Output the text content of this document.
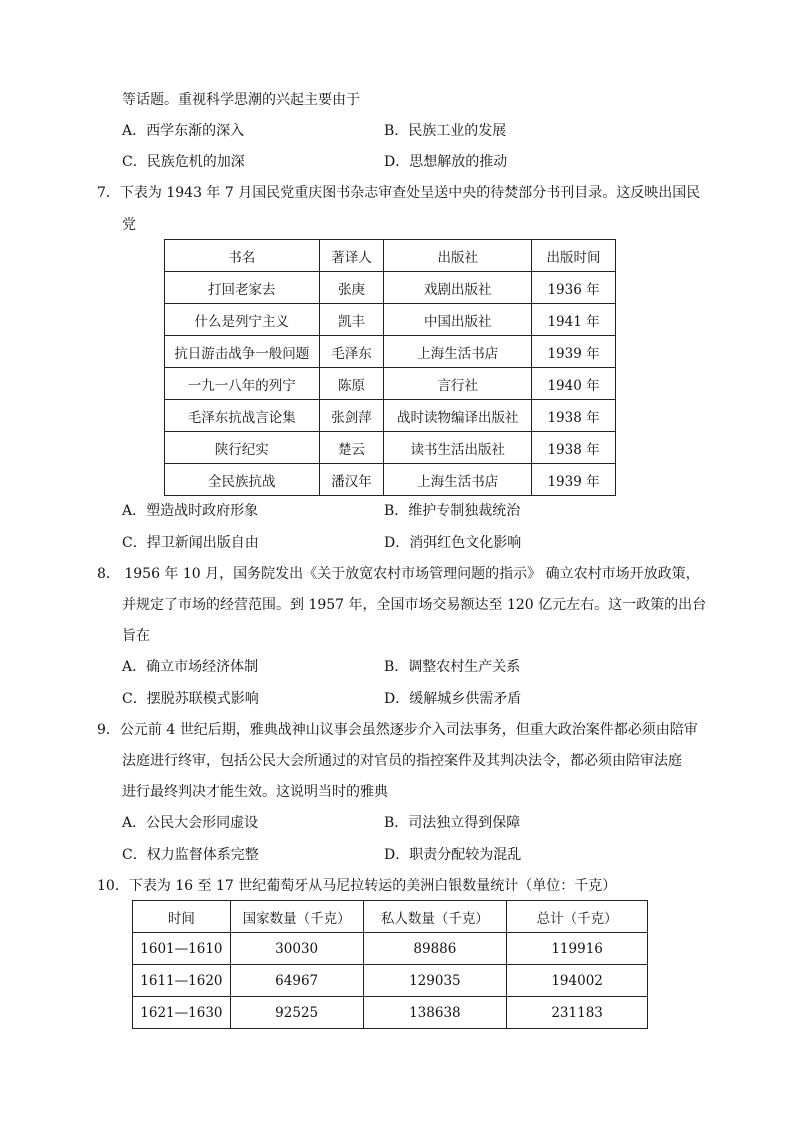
等话题。重视科学思潮的兴起主要由于
A．西学东渐的深入	B．民族工业的发展
C．民族危机的加深	D．思想解放的推动
7．下表为 1943 年 7 月国民党重庆图书杂志审查处呈送中央的待焚部分书刊目录。这反映出国民
党
书名	著译人	出版社	出版时间
打回老家去	张庚	戏剧出版社	1936 年
什么是列宁主义	凯丰	中国出版社	1941 年
抗日游击战争一般问题	毛泽东	上海生活书店	1939 年
一九一八年的列宁	陈原	言行社	1940 年
毛泽东抗战言论集	张剑萍	战时读物编译出版社	1938 年
陕行纪实	楚云	读书生活出版社	1938 年
全民族抗战	潘汉年	上海生活书店	1939 年
A．塑造战时政府形象	B．维护专制独裁统治
C．捍卫新闻出版自由	D．消弭红色文化影响
8． 1956 年 10 月，国务院发出《关于放宽农村市场管理问题的指示》 确立农村市场开放政策，
并规定了市场的经营范围。到 1957 年，全国市场交易额达至 120 亿元左右。这一政策的出台
旨在
A．确立市场经济体制	B．调整农村生产关系
C．摆脱苏联模式影响	D．缓解城乡供需矛盾
9．公元前 4 世纪后期，雅典战神山议事会虽然逐步介入司法事务，但重大政治案件都必须由陪审
法庭进行终审，包括公民大会所通过的对官员的指控案件及其判决法令，都必须由陪审法庭
进行最终判决才能生效。这说明当时的雅典
A．公民大会形同虚设	B．司法独立得到保障
C．权力监督体系完整	D．职责分配较为混乱
10．下表为 16 至 17 世纪葡萄牙从马尼拉转运的美洲白银数量统计（单位：千克）
时间	国家数量（千克）	私人数量（千克）	总计（千克）
1601—1610	30030	89886	119916
1611—1620	64967	129035	194002
1621—1630	92525	138638	231183
